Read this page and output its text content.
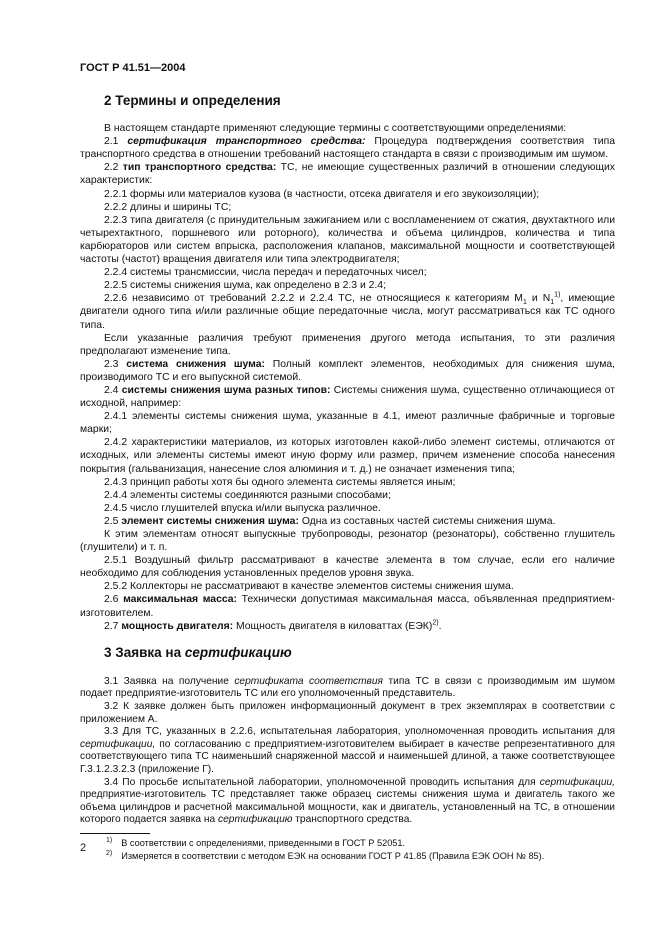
ГОСТ Р 41.51—2004
2 Термины и определения

В настоящем стандарте применяют следующие термины с соответствующими определениями:

2.1 сертификация транспортного средства: Процедура подтверждения соответствия типа транспортного средства в отношении требований настоящего стандарта в связи с производимым им шумом.

2.2 тип транспортного средства: ТС, не имеющие существенных различий в отношении следующих характеристик:

2.2.1 формы или материалов кузова (в частности, отсека двигателя и его звукоизоляции);

2.2.2 длины и ширины ТС;

2.2.3 типа двигателя (с принудительным зажиганием или с воспламенением от сжатия, двухтактного или четырехтактного, поршневого или роторного), количества и объема цилиндров, количества и типа карбюраторов или систем впрыска, расположения клапанов, максимальной мощности и соответствующей частоты (частот) вращения двигателя или типа электродвигателя;

2.2.4 системы трансмиссии, числа передач и передаточных чисел;

2.2.5 системы снижения шума, как определено в 2.3 и 2.4;

2.2.6 независимо от требований 2.2.2 и 2.2.4 ТС, не относящиеся к категориям $М_1$ и $N_1^{1)}$, имеющие двигатели одного типа и/или различные общие передаточные числа, могут рассматриваться как ТС одного типа.

Если указанные различия требуют применения другого метода испытания, то эти различия предполагают изменение типа.

2.3 система снижения шума: Полный комплект элементов, необходимых для снижения шума, производимого ТС и его выпускной системой.

2.4 системы снижения шума разных типов: Системы снижения шума, существенно отличающиеся от исходной, например:

2.4.1 элементы системы снижения шума, указанные в 4.1, имеют различные фабричные и торговые марки;

2.4.2 характеристики материалов, из которых изготовлен какой-либо элемент системы, отличаются от исходных, или элементы системы имеют иную форму или размер, причем изменение способа нанесения покрытия (гальванизация, нанесение слоя алюминия и т. д.) не означает изменения типа;

2.4.3 принцип работы хотя бы одного элемента системы является иным;

2.4.4 элементы системы соединяются разными способами;

2.4.5 число глушителей впуска и/или выпуска различное.

2.5 элемент системы снижения шума: Одна из составных частей системы снижения шума.

К этим элементам относят выпускные трубопроводы, резонатор (резонаторы), собственно глушитель (глушители) и т. п.

2.5.1 Воздушный фильтр рассматривают в качестве элемента в том случае, если его наличие необходимо для соблюдения установленных пределов уровня звука.

2.5.2 Коллекторы не рассматривают в качестве элементов системы снижения шума.

2.6 максимальная масса: Технически допустимая максимальная масса, объявленная предприятием-изготовителем.

2.7 мощность двигателя: Мощность двигателя в киловаттах (ЕЭК)$^{2)}$.

3 Заявка на сертификацию

3.1 Заявка на получение сертификата соответствия типа ТС в связи с производимым им шумом подает предприятие-изготовитель ТС или его уполномоченный представитель.

3.2 К заявке должен быть приложен информационный документ в трех экземплярах в соответствии с приложением А.

3.3 Для ТС, указанных в 2.2.6, испытательная лаборатория, уполномоченная проводить испытания для сертификации, по согласованию с предприятием-изготовителем выбирает в качестве репрезентативного для соответствующего типа ТС наименьший снаряженной массой и наименьшей длиной, а также соответствующее Г.3.1.2.3.2.3 (приложение Г).

3.4 По просьбе испытательной лаборатории, уполномоченной проводить испытания для сертификации, предприятие-изготовитель ТС представляет также образец системы снижения шума и двигатель такого же объема цилиндров и расчетной максимальной мощности, как и двигатель, установленный на ТС, в отношении которого подается заявка на сертификацию транспортного средства.

$^{1)}$ В соответствии с определениями, приведенными в ГОСТ Р 52051.
$^{2)}$ Измеряется в соответствии с методом ЕЭК на основании ГОСТ Р 41.85 (Правила ЕЭК ООН № 85).
2
